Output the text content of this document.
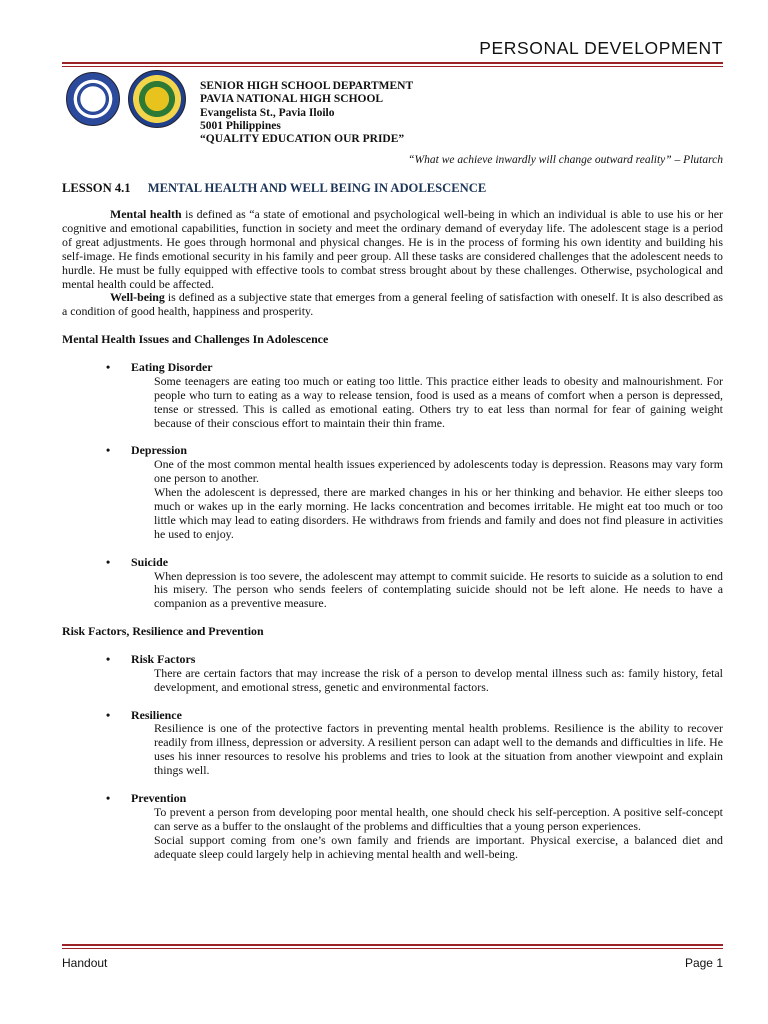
PERSONAL DEVELOPMENT
SENIOR HIGH SCHOOL DEPARTMENT
PAVIA NATIONAL HIGH SCHOOL
Evangelista St., Pavia Iloilo
5001 Philippines
“QUALITY EDUCATION OUR PRIDE”
“What we achieve inwardly will change outward reality” – Plutarch
LESSON 4.1 MENTAL HEALTH AND WELL BEING IN ADOLESCENCE

Mental health is defined as “a state of emotional and psychological well-being in which an individual is able to use his or her cognitive and emotional capabilities, function in society and meet the ordinary demand of everyday life. The adolescent stage is a period of great adjustments. He goes through hormonal and physical changes. He is in the process of forming his own identity and building his self-image. He finds emotional security in his family and peer group. All these tasks are considered challenges that the adolescent needs to hurdle. He must be fully equipped with effective tools to combat stress brought about by these challenges. Otherwise, psychological and mental health could be affected.

Well-being is defined as a subjective state that emerges from a general feeling of satisfaction with oneself. It is also described as a condition of good health, happiness and prosperity.

Mental Health Issues and Challenges In Adolescence

• Eating Disorder

Some teenagers are eating too much or eating too little. This practice either leads to obesity and malnourishment. For people who turn to eating as a way to release tension, food is used as a means of comfort when a person is depressed, tense or stressed. This is called as emotional eating. Others try to eat less than normal for fear of gaining weight because of their conscious effort to maintain their thin frame.

• Depression

One of the most common mental health issues experienced by adolescents today is depression. Reasons may vary form one person to another.

When the adolescent is depressed, there are marked changes in his or her thinking and behavior. He either sleeps too much or wakes up in the early morning. He lacks concentration and becomes irritable. He might eat too much or too little which may lead to eating disorders. He withdraws from friends and family and does not find pleasure in activities he used to enjoy.

• Suicide

When depression is too severe, the adolescent may attempt to commit suicide. He resorts to suicide as a solution to end his misery. The person who sends feelers of contemplating suicide should not be left alone. He needs to have a companion as a preventive measure.

Risk Factors, Resilience and Prevention

• Risk Factors

There are certain factors that may increase the risk of a person to develop mental illness such as: family history, fetal development, and emotional stress, genetic and environmental factors.

• Resilience

Resilience is one of the protective factors in preventing mental health problems. Resilience is the ability to recover readily from illness, depression or adversity. A resilient person can adapt well to the demands and difficulties in life. He uses his inner resources to resolve his problems and tries to look at the situation from another viewpoint and explain things well.

• Prevention

To prevent a person from developing poor mental health, one should check his self-perception. A positive self-concept can serve as a buffer to the onslaught of the problems and difficulties that a young person experiences.

Social support coming from one’s own family and friends are important. Physical exercise, a balanced diet and adequate sleep could largely help in achieving mental health and well-being.

Handout	Page 1
